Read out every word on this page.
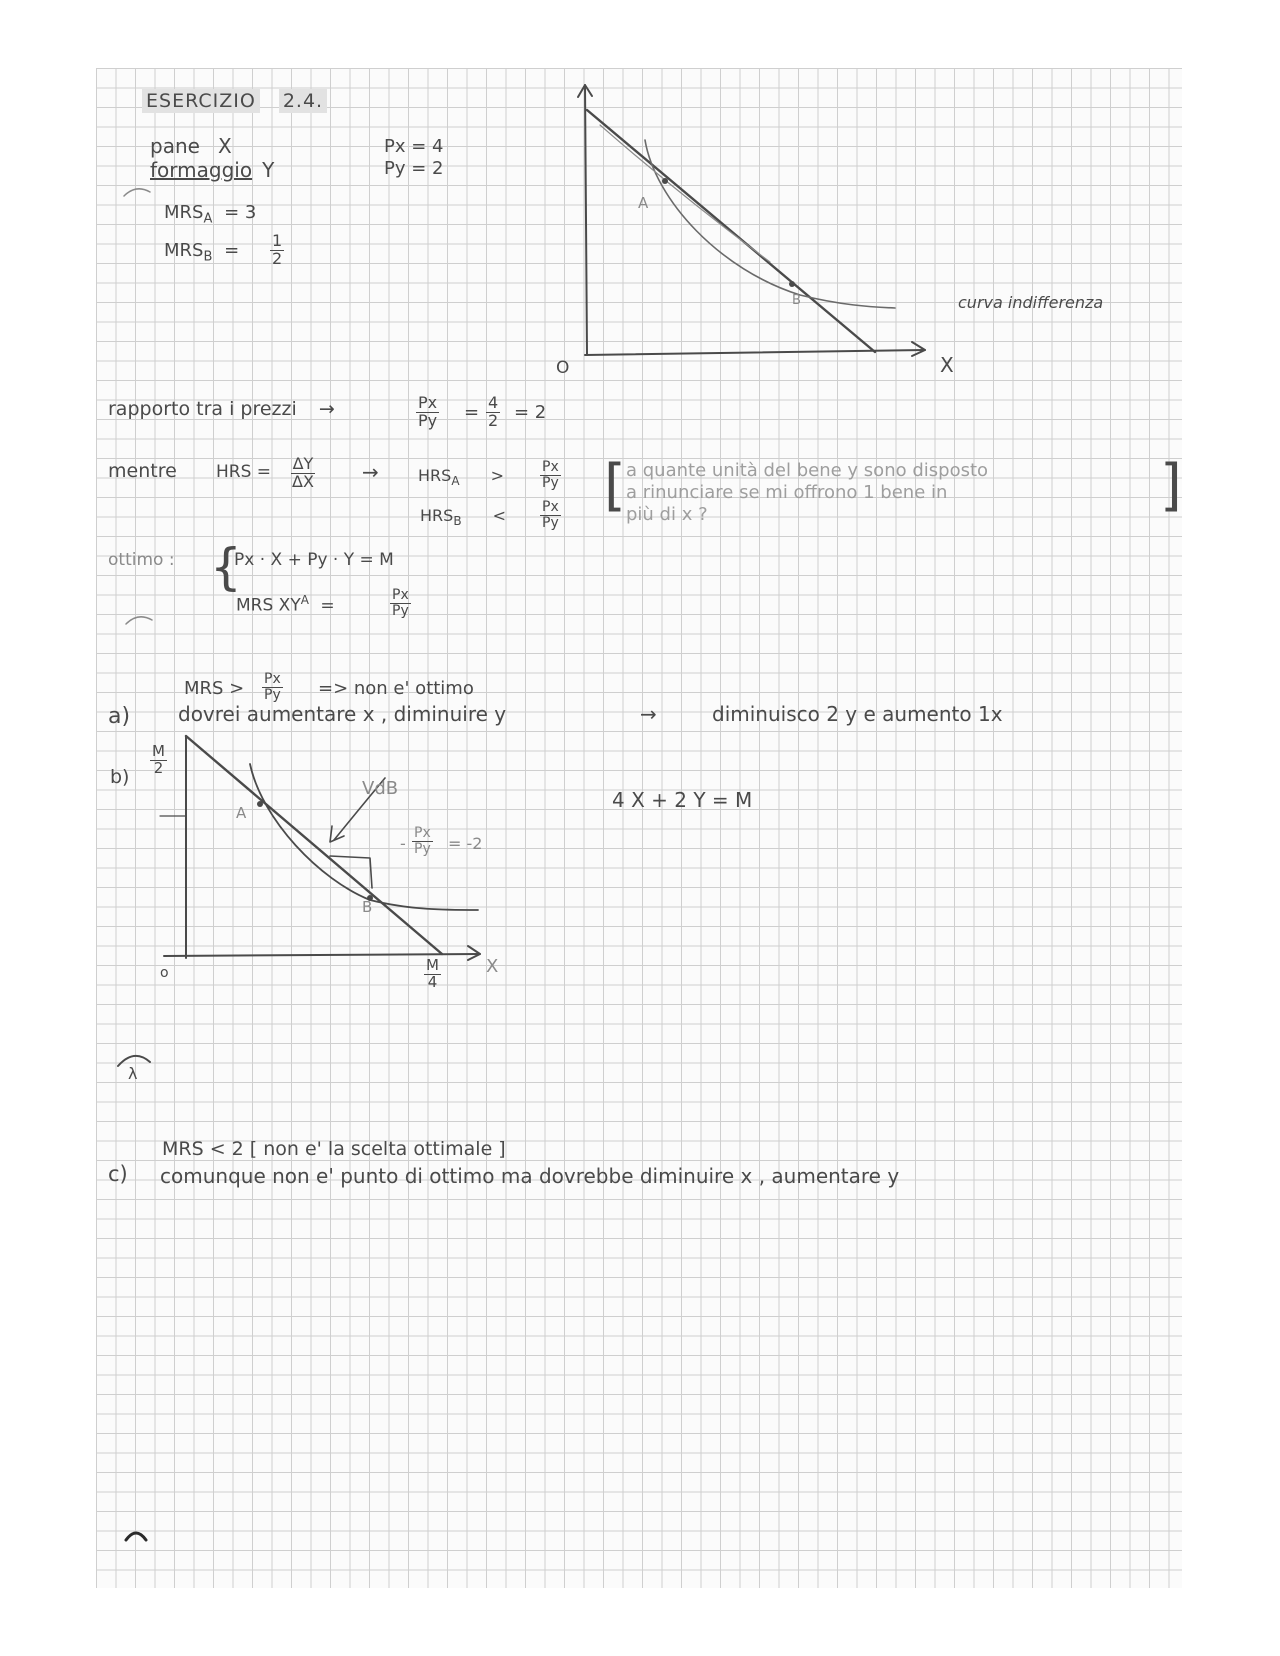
ESERCIZIO 2.4.
pane X
formaggio Y
Px = 4
Py = 2
$MRS_A = 3$
$MRS_B = \frac{1}{2}$
X
O
A
B	curva indifferenza
rapporto tra i prezzi →	$\frac{Px}{Py} = \frac{4}{2} = 2$
mentre HRS = $\frac{\Delta Y}{\Delta X} \to HRS_A$ >	$\frac{Px}{Py}$
$HRS_B < \frac{Px}{Py}$ [	]
a quante unità del bene y sono disposto
a rinunciare se mi offrono 1 bene in
più di x ?
ottimo : {
Px · X + Py · Y = M
MRS $XY^A$ =	$\frac{Px}{Py}$
a)
MRS > $\frac{Px}{Py}$ => non e' ottimo
dovrei aumentare x , diminuire y	→	diminuisco 2 y e aumento 1x
b)
$\frac{M}{2}$
A
B
o	X
$\frac{M}{4}$
VdB
- $\frac{Px}{Py} = -2$
4 X + 2 Y = M
λ
MRS < 2 [ non e' la scelta ottimale ]
c) comunque non e' punto di ottimo ma dovrebbe diminuire x , aumentare y
